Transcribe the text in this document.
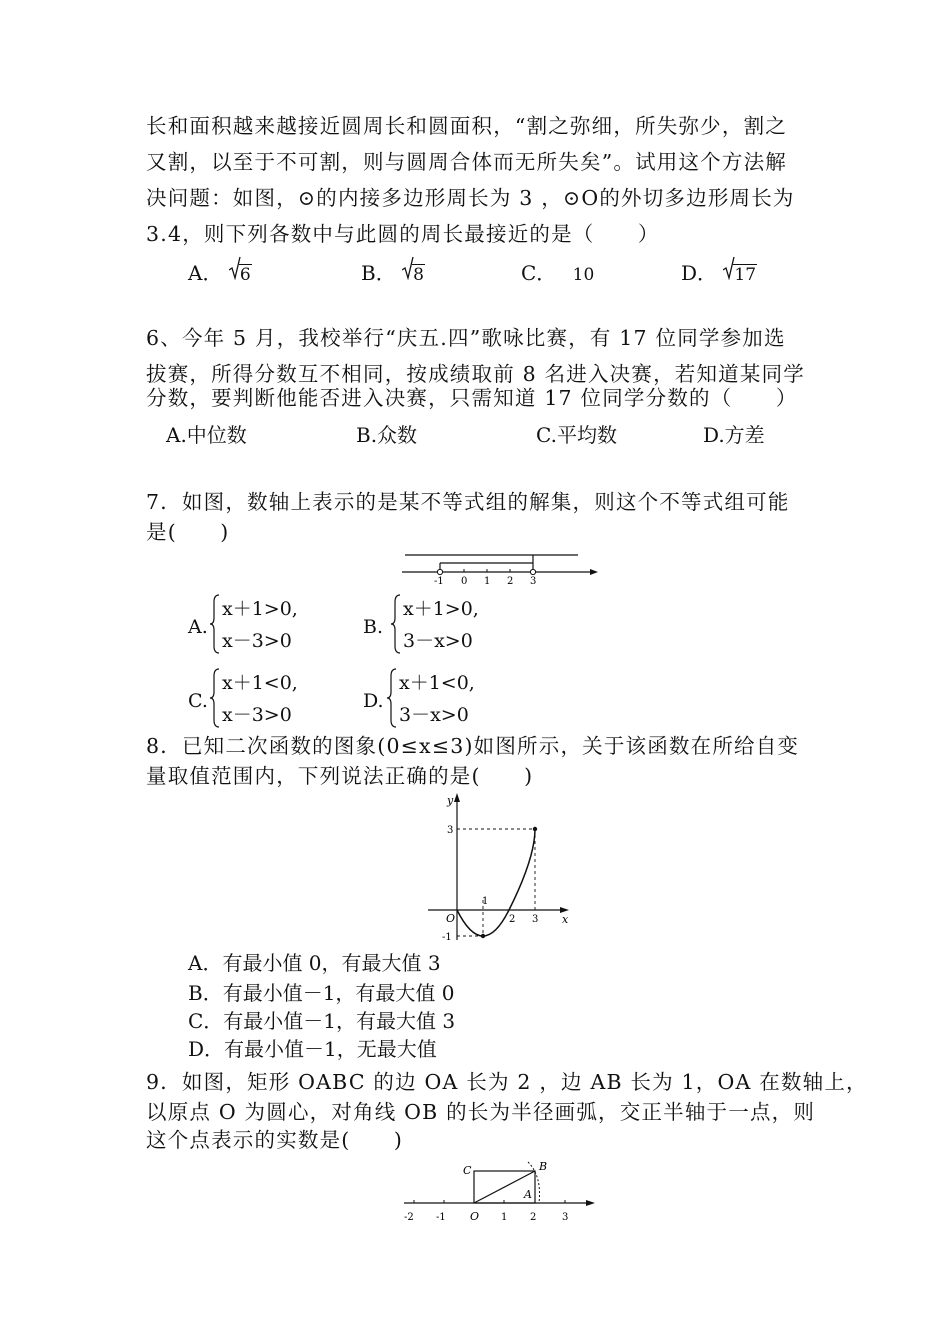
长和面积越来越接近圆周长和圆面积，“割之弥细，所失弥少，割之
又割，以至于不可割，则与圆周合体而无所失矣”。试用这个方法解
决问题：如图，⊙的内接多边形周长为 3 ，⊙O的外切多边形周长为
3.4，则下列各数中与此圆的周长最接近的是（　　）
A． 6	B． 8	C． 10	D． 17
6、今年 5 月，我校举行“庆五.四”歌咏比赛，有 17 位同学参加选
拔赛，所得分数互不相同，按成绩取前 8 名进入决赛，若知道某同学
分数，要判断他能否进入决赛，只需知道 17 位同学分数的（　　）
A.中位数	B.众数	C.平均数	D.方差
7．如图，数轴上表示的是某不等式组的解集，则这个不等式组可能
是(　　)
-1 0 1 2 3
A.
x＋1>0,
x－3>0
B.
x＋1>0,
3－x>0
C.
x＋1<0,
x－3>0
D.
x＋1<0,
3－x>0
8．已知二次函数的图象(0≤x≤3)如图所示，关于该函数在所给自变
量取值范围内，下列说法正确的是(　　)
y
x
O
3
-1
1
2 3
A．有最小值 0，有最大值 3
B．有最小值－1，有最大值 0
C．有最小值－1，有最大值 3
D．有最小值－1，无最大值
9．如图，矩形 OABC 的边 OA 长为 2 ，边 AB 长为 1，OA 在数轴上，
以原点 O 为圆心，对角线 OB 的长为半径画弧，交正半轴于一点，则
这个点表示的实数是(　　)
C	B
A
O
-2 -1	1 2	3
